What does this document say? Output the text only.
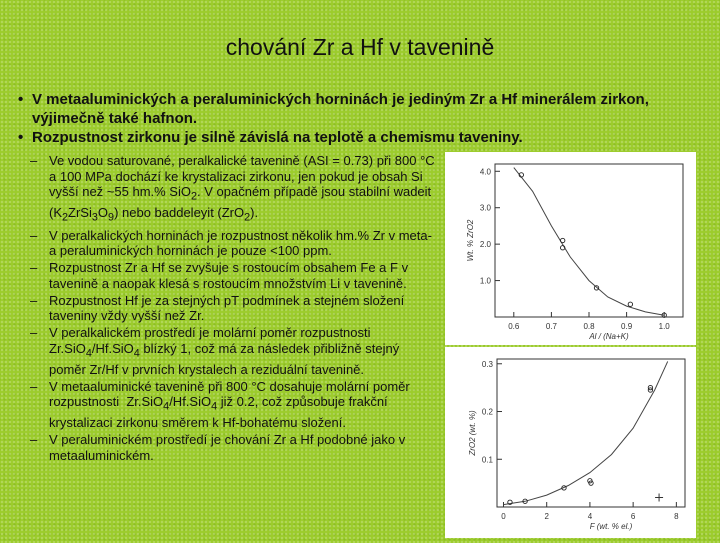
chování Zr a Hf v tavenině
• V metaaluminických a peraluminických horninách je jediným Zr a Hf minerálem zirkon, výjimečně také hafnon.
• Rozpustnost zirkonu je silně závislá na teplotě a chemismu taveniny.
– Ve vodou saturované, peralkalické tavenině (ASI = 0.73) při 800 °C a 100 MPa dochází ke krystalizaci zirkonu, jen pokud je obsah Si vyšší než ~55 hm.% SiO$_2$. V opačném případě jsou stabilní wadeit $(K_2ZrSi_3O_9)$ nebo baddeleyit (ZrO$_2$).
– V peralkalických horninách je rozpustnost několik hm.% Zr v meta- a peraluminických horninách je pouze <100 ppm.
– Rozpustnost Zr a Hf se zvyšuje s rostoucím obsahem Fe a F v tavenině a naopak klesá s rostoucím množstvím Li v tavenině.
– Rozpustnost Hf je za stejných pT podmínek a stejném složení taveniny vždy vyšší než Zr.
– V peralkalickém prostředí je molární poměr rozpustnosti  Zr.SiO$_4$/Hf.SiO$_4$ blízký 1, což má za následek přibližně stejný poměr Zr/Hf v prvních krystalech a reziduální tavenině.
– V metaaluminické tavenině při 800 °C dosahuje molární poměr rozpustnosti  Zr.SiO$_4$/Hf.SiO$_4$ již 0.2, což způsobuje frakční krystalizaci zirkonu směrem k Hf-bohatému složení.
– V peraluminickém prostředí je chování Zr a Hf podobné jako v metaaluminickém.
0.6	0.7	0.8	0.9	1.0
1.0
2.0
3.0
4.0
Al / (Na+K)
Wt. % ZrO2
0	2	4	6	8
0.1
0.2
0.3
F (wt. % el.)
ZrO2 (wt. %)
